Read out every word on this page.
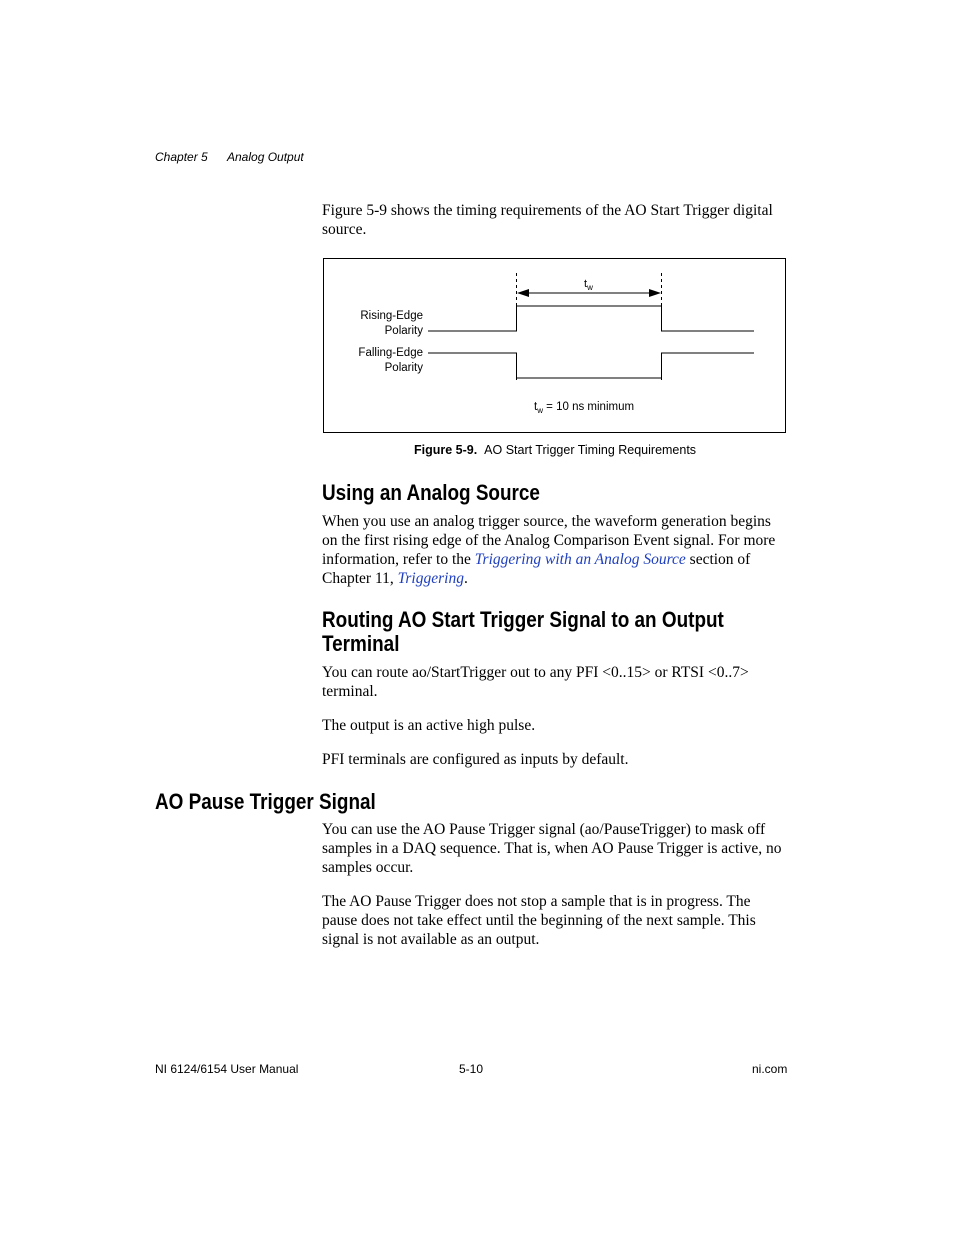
Chapter 5 Analog Output

Figure 5-9 shows the timing requirements of the AO Start Trigger digital source.

$t_w$
Rising-Edge
Polarity
Falling-Edge
Polarity
$t_w = 10$ ns minimum
Figure 5-9. AO Start Trigger Timing Requirements
Using an Analog Source

When you use an analog trigger source, the waveform generation begins on the first rising edge of the Analog Comparison Event signal. For more information, refer to the Triggering with an Analog Source section of Chapter 11, Triggering.

Routing AO Start Trigger Signal to an Output
Terminal

You can route ao/StartTrigger out to any PFI <0..15> or RTSI <0..7> terminal.

The output is an active high pulse.

PFI terminals are configured as inputs by default.

AO Pause Trigger Signal

You can use the AO Pause Trigger signal (ao/PauseTrigger) to mask off samples in a DAQ sequence. That is, when AO Pause Trigger is active, no samples occur.

The AO Pause Trigger does not stop a sample that is in progress. The pause does not take effect until the beginning of the next sample. This signal is not available as an output.

NI 6124/6154 User Manual	5-10	ni.com
